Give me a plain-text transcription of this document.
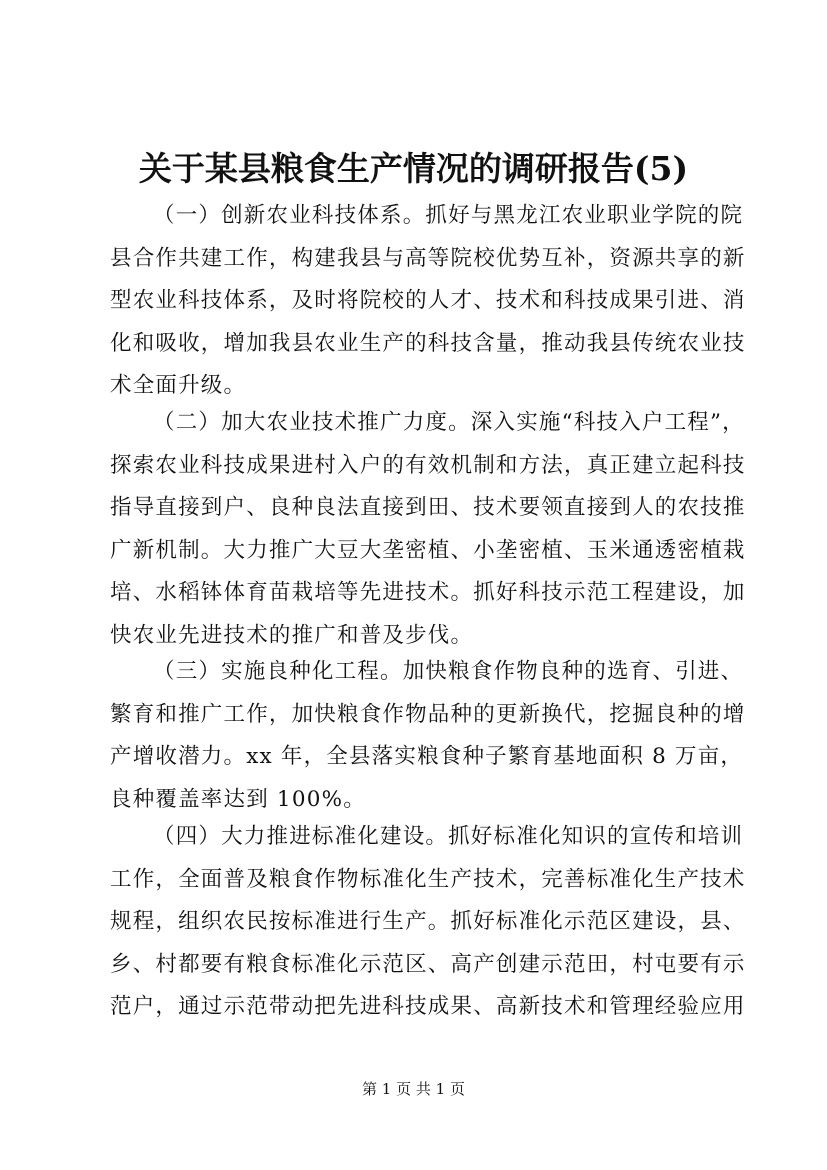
关于某县粮食生产情况的调研报告(5)
（一）创新农业科技体系。抓好与黑龙江农业职业学院的院
县合作共建工作，构建我县与高等院校优势互补，资源共享的新
型农业科技体系，及时将院校的人才、技术和科技成果引进、消
化和吸收，增加我县农业生产的科技含量，推动我县传统农业技
术全面升级。
（二）加大农业技术推广力度。深入实施“科技入户工程”，
探索农业科技成果进村入户的有效机制和方法，真正建立起科技
指导直接到户、良种良法直接到田、技术要领直接到人的农技推
广新机制。大力推广大豆大垄密植、小垄密植、玉米通透密植栽
培、水稻钵体育苗栽培等先进技术。抓好科技示范工程建设，加
快农业先进技术的推广和普及步伐。
（三）实施良种化工程。加快粮食作物良种的选育、引进、
繁育和推广工作，加快粮食作物品种的更新换代，挖掘良种的增
产增收潜力。xx 年，全县落实粮食种子繁育基地面积 8 万亩，
良种覆盖率达到 100%。
（四）大力推进标准化建设。抓好标准化知识的宣传和培训
工作，全面普及粮食作物标准化生产技术，完善标准化生产技术
规程，组织农民按标准进行生产。抓好标准化示范区建设，县、
乡、村都要有粮食标准化示范区、高产创建示范田，村屯要有示
范户，通过示范带动把先进科技成果、高新技术和管理经验应用
第 1 页 共 1 页
